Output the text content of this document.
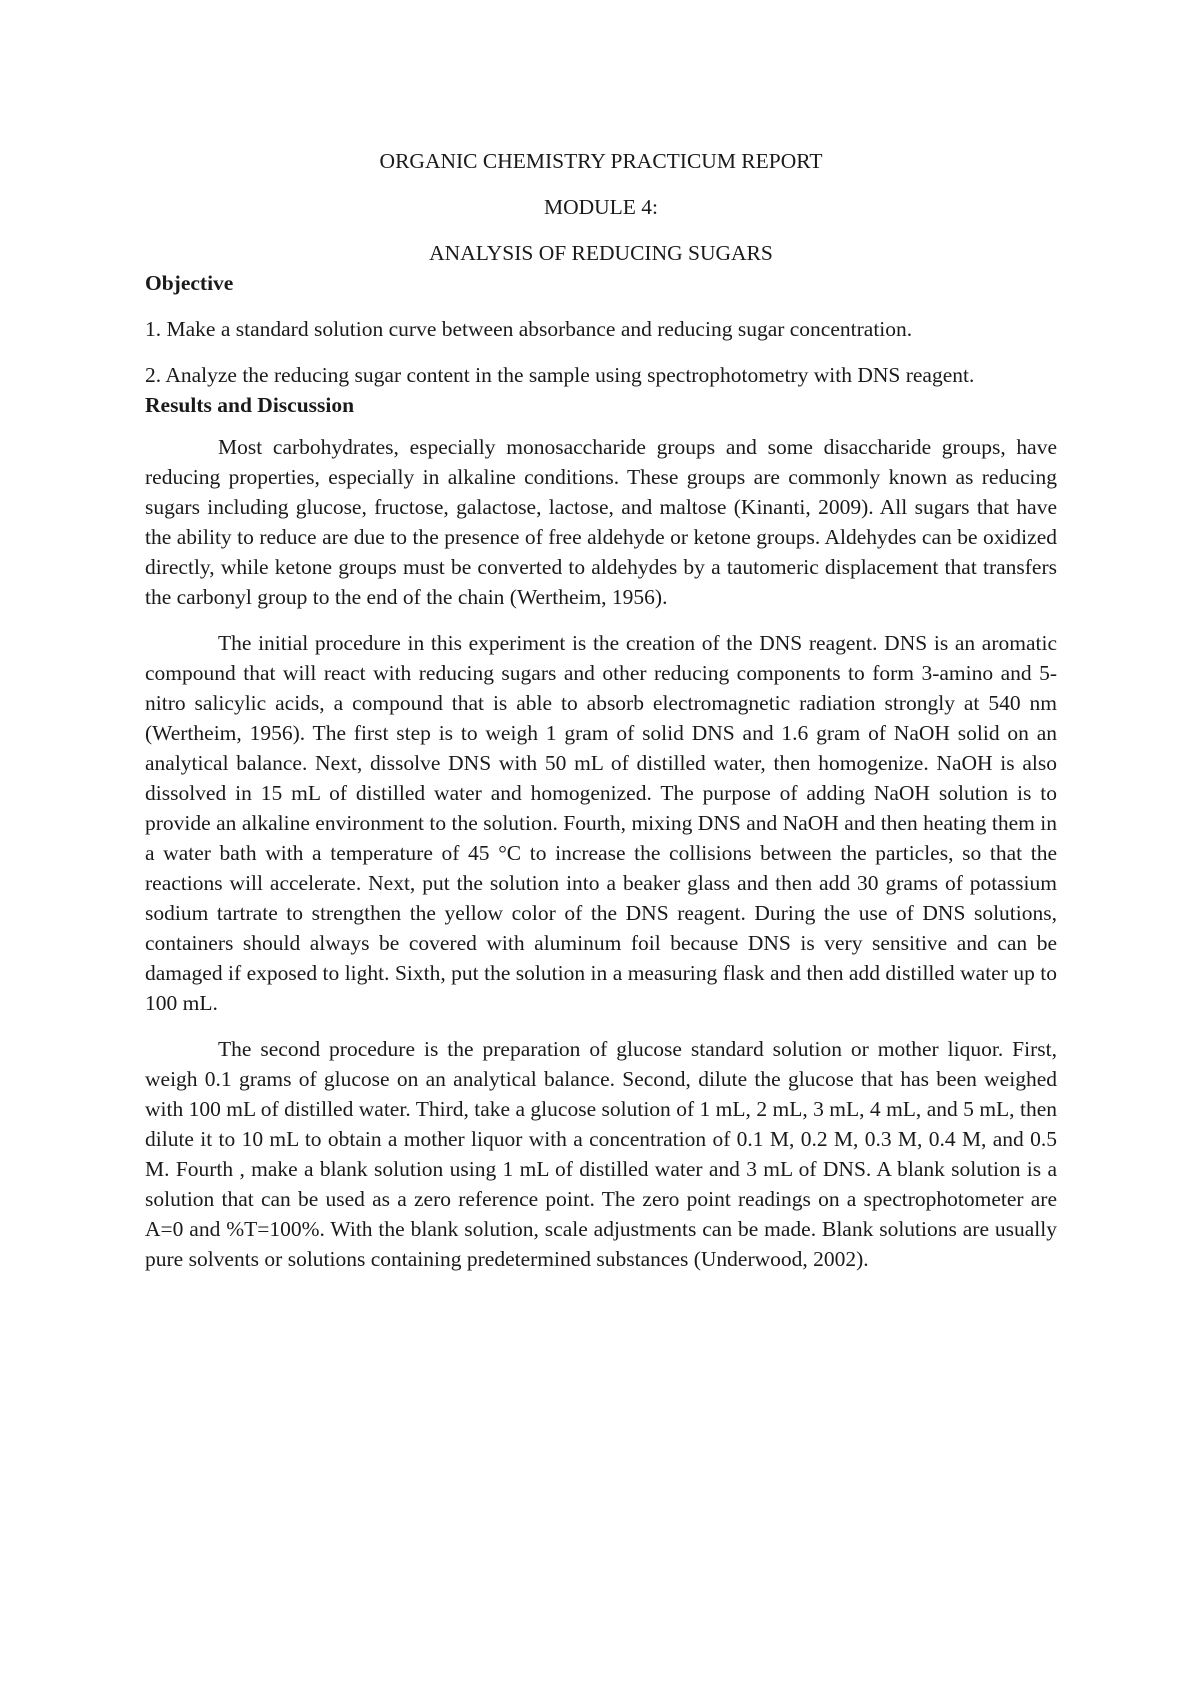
ORGANIC CHEMISTRY PRACTICUM REPORT

MODULE 4:

ANALYSIS OF REDUCING SUGARS

Objective

1. Make a standard solution curve between absorbance and reducing sugar concentration.

2. Analyze the reducing sugar content in the sample using spectrophotometry with DNS reagent.

Results and Discussion

Most carbohydrates, especially monosaccharide groups and some disaccharide groups, have reducing properties, especially in alkaline conditions. These groups are commonly known as reducing sugars including glucose, fructose, galactose, lactose, and maltose (Kinanti, 2009). All sugars that have the ability to reduce are due to the presence of free aldehyde or ketone groups. Aldehydes can be oxidized directly, while ketone groups must be converted to aldehydes by a tautomeric displacement that transfers the carbonyl group to the end of the chain (Wertheim, 1956).

The initial procedure in this experiment is the creation of the DNS reagent. DNS is an aromatic compound that will react with reducing sugars and other reducing components to form 3-amino and 5-nitro salicylic acids, a compound that is able to absorb electromagnetic radiation strongly at 540 nm (Wertheim, 1956). The first step is to weigh 1 gram of solid DNS and 1.6 gram of NaOH solid on an analytical balance. Next, dissolve DNS with 50 mL of distilled water, then homogenize. NaOH is also dissolved in 15 mL of distilled water and homogenized. The purpose of adding NaOH solution is to provide an alkaline environment to the solution. Fourth, mixing DNS and NaOH and then heating them in a water bath with a temperature of 45 °C to increase the collisions between the particles, so that the reactions will accelerate. Next, put the solution into a beaker glass and then add 30 grams of potassium sodium tartrate to strengthen the yellow color of the DNS reagent. During the use of DNS solutions, containers should always be covered with aluminum foil because DNS is very sensitive and can be damaged if exposed to light. Sixth, put the solution in a measuring flask and then add distilled water up to 100 mL.

The second procedure is the preparation of glucose standard solution or mother liquor. First, weigh 0.1 grams of glucose on an analytical balance. Second, dilute the glucose that has been weighed with 100 mL of distilled water. Third, take a glucose solution of 1 mL, 2 mL, 3 mL, 4 mL, and 5 mL, then dilute it to 10 mL to obtain a mother liquor with a concentration of 0.1 M, 0.2 M, 0.3 M, 0.4 M, and 0.5 M. Fourth , make a blank solution using 1 mL of distilled water and 3 mL of DNS. A blank solution is a solution that can be used as a zero reference point. The zero point readings on a spectrophotometer are A=0 and %T=100%. With the blank solution, scale adjustments can be made. Blank solutions are usually pure solvents or solutions containing predetermined substances (Underwood, 2002).
